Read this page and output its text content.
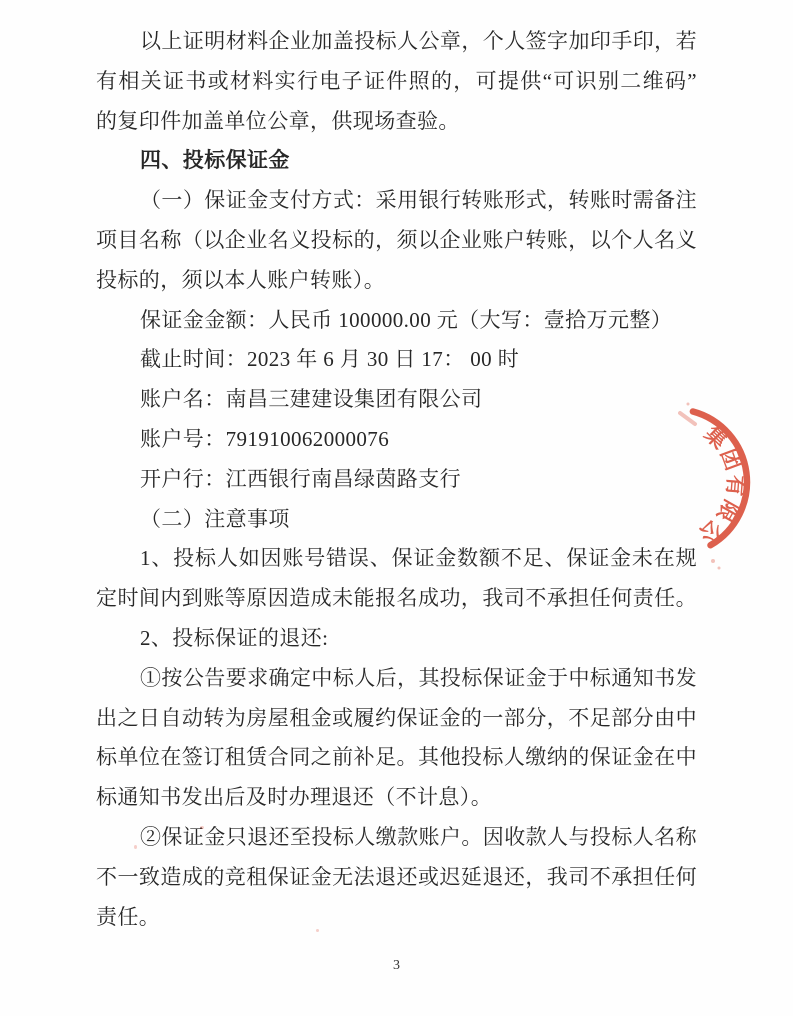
以上证明材料企业加盖投标人公章，个人签字加印手印，若
有相关证书或材料实行电子证件照的，可提供“可识别二维码”
的复印件加盖单位公章，供现场查验。
四、投标保证金
（一）保证金支付方式：采用银行转账形式，转账时需备注
项目名称（以企业名义投标的，须以企业账户转账，以个人名义
投标的，须以本人账户转账）。
保证金金额：人民币 100000.00 元（大写：壹拾万元整）
截止时间：2023 年 6 月 30 日 17： 00 时
账户名：南昌三建建设集团有限公司
账户号：791910062000076
开户行：江西银行南昌绿茵路支行
（二）注意事项
1、投标人如因账号错误、保证金数额不足、保证金未在规
定时间内到账等原因造成未能报名成功，我司不承担任何责任。
2、投标保证的退还:
①按公告要求确定中标人后，其投标保证金于中标通知书发
出之日自动转为房屋租金或履约保证金的一部分，不足部分由中
标单位在签订租赁合同之前补足。其他投标人缴纳的保证金在中
标通知书发出后及时办理退还（不计息）。
②保证金只退还至投标人缴款账户。因收款人与投标人名称
不一致造成的竞租保证金无法退还或迟延退还，我司不承担任何
责任。
3
集团有限公
